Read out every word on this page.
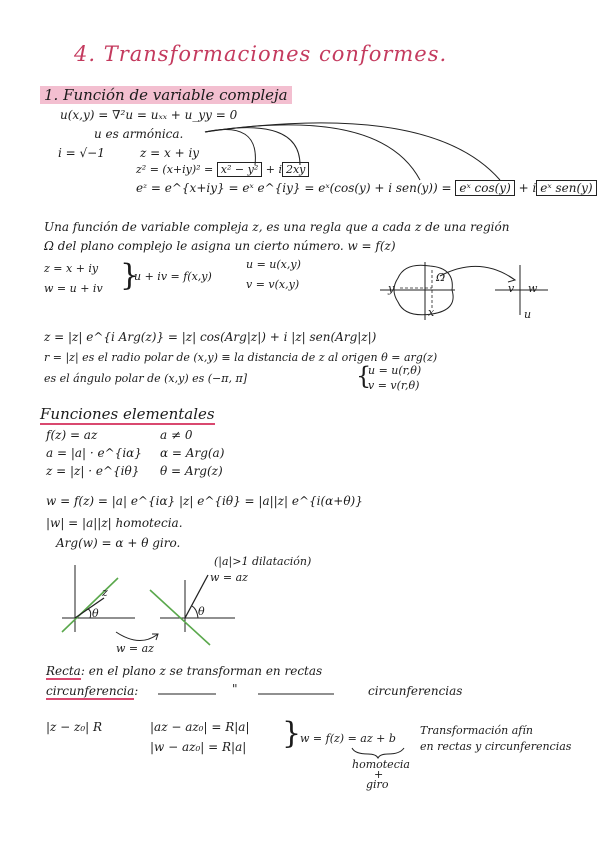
4. Transformaciones conformes.
1. Función de variable compleja
u(x,y) = ∇²u = uₓₓ + u_yy = 0
u es armónica.
i = √−1	z = x + iy
z² = (x+iy)² = x² − y² + i 2xy
eᶻ = e^{x+iy} = eˣ e^{iy} = eˣ(cos(y) + i sen(y)) = eˣ cos(y) + i eˣ sen(y)
Una función de variable compleja z, es una regla que a cada z de una región
Ω del plano complejo le asigna un cierto número. w = f(z)
z = x + iy
w = u + iv }
u + iv = f(x,y)
u = u(x,y)
v = v(x,y)
Ω
y
x
v w
u
z = |z| e^{i Arg(z)} = |z| cos(Arg|z|) + i |z| sen(Arg|z|)
r = |z| es el radio polar de (x,y) ≡ la distancia de z al origen θ = arg(z)
es el ángulo polar de (x,y) es (−π, π]	{
u = u(r,θ)
v = v(r,θ)
Funciones elementales
f(z) = az	a ≠ 0
a = |a| · e^{iα} α = Arg(a)
z = |z| · e^{iθ} θ = Arg(z)
w = f(z) = |a| e^{iα} |z| e^{iθ} = |a||z| e^{i(α+θ)}
|w| = |a||z| homotecia.
Arg(w) = α + θ giro.
(|a|>1 dilatación)
z
θ
w = az
θ
w = az
Recta: en el plano z se transforman en rectas
circunferencia:	"	circunferencias
|z − z₀| R	|az − az₀| = R|a|
|w − az₀| = R|a| }
w = f(z) = az + b
Transformación afín
en rectas y circunferencias
homotecia
+
giro
